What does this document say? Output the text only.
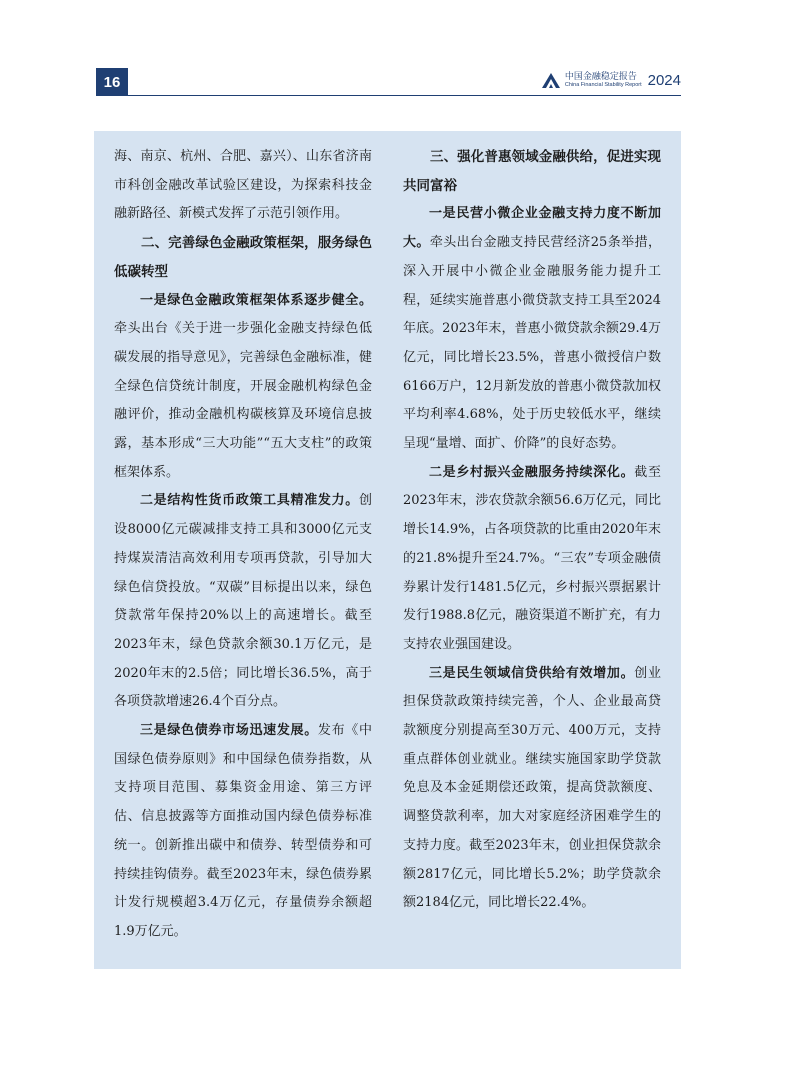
16	中国金融稳定报告
China Financial Stability Report 2024

海、南京、杭州、合肥、嘉兴）、山东省济南市科创金融改革试验区建设，为探索科技金融新路径、新模式发挥了示范引领作用。

二、完善绿色金融政策框架，服务绿色低碳转型

一是绿色金融政策框架体系逐步健全。牵头出台《关于进一步强化金融支持绿色低碳发展的指导意见》，完善绿色金融标准，健全绿色信贷统计制度，开展金融机构绿色金融评价，推动金融机构碳核算及环境信息披露，基本形成“三大功能”“五大支柱”的政策框架体系。

二是结构性货币政策工具精准发力。创设8000亿元碳减排支持工具和3000亿元支持煤炭清洁高效利用专项再贷款，引导加大绿色信贷投放。“双碳”目标提出以来，绿色贷款常年保持20%以上的高速增长。截至2023年末，绿色贷款余额30.1万亿元，是2020年末的2.5倍；同比增长36.5%，高于各项贷款增速26.4个百分点。

三是绿色债券市场迅速发展。发布《中国绿色债券原则》和中国绿色债券指数，从支持项目范围、募集资金用途、第三方评估、信息披露等方面推动国内绿色债券标准统一。创新推出碳中和债券、转型债券和可持续挂钩债券。截至2023年末，绿色债券累计发行规模超3.4万亿元，存量债券余额超1.9万亿元。

三、强化普惠领域金融供给，促进实现共同富裕

一是民营小微企业金融支持力度不断加大。牵头出台金融支持民营经济25条举措，深入开展中小微企业金融服务能力提升工程，延续实施普惠小微贷款支持工具至2024年底。2023年末，普惠小微贷款余额29.4万亿元，同比增长23.5%，普惠小微授信户数6166万户，12月新发放的普惠小微贷款加权平均利率4.68%，处于历史较低水平，继续呈现“量增、面扩、价降”的良好态势。

二是乡村振兴金融服务持续深化。截至2023年末，涉农贷款余额56.6万亿元，同比增长14.9%，占各项贷款的比重由2020年末的21.8%提升至24.7%。“三农”专项金融债券累计发行1481.5亿元，乡村振兴票据累计发行1988.8亿元，融资渠道不断扩充，有力支持农业强国建设。

三是民生领域信贷供给有效增加。创业担保贷款政策持续完善，个人、企业最高贷款额度分别提高至30万元、400万元，支持重点群体创业就业。继续实施国家助学贷款免息及本金延期偿还政策，提高贷款额度、调整贷款利率，加大对家庭经济困难学生的支持力度。截至2023年末，创业担保贷款余额2817亿元，同比增长5.2%；助学贷款余额2184亿元，同比增长22.4%。
